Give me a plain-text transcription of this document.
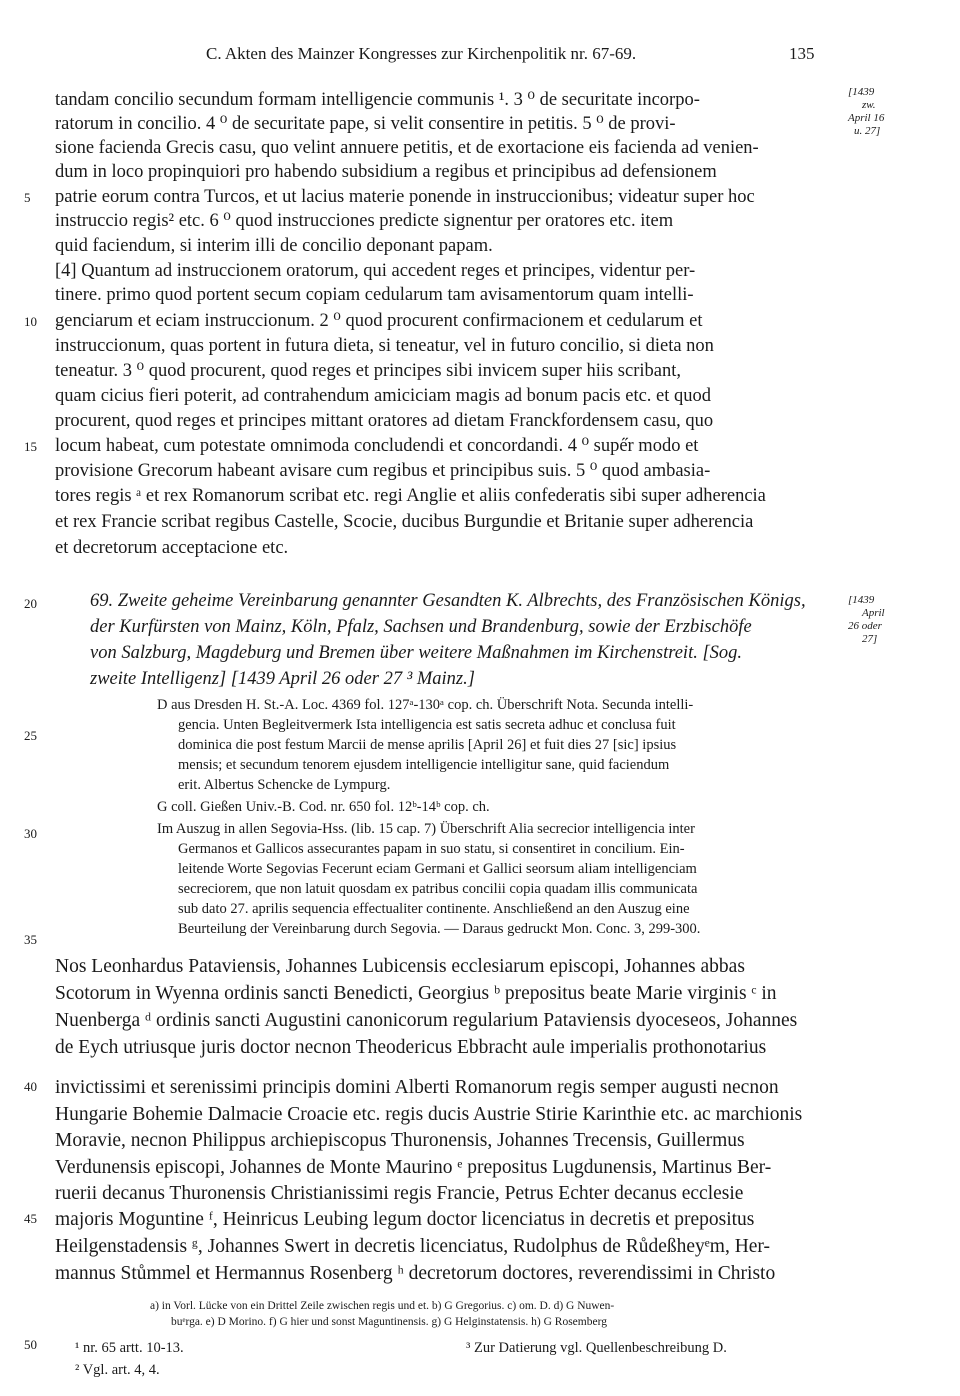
C. Akten des Mainzer Kongresses zur Kirchenpolitik nr. 67-69.	135
[1439
zw.
April 16
u. 27]
tandam concilio secundum formam intelligencie communis ¹. 3 ⁰ de securitate incorpo-
ratorum in concilio. 4 ⁰ de securitate pape, si velit consentire in petitis. 5 ⁰ de provi-
sione facienda Grecis casu, quo velint annuere petitis, et de exortacione eis facienda ad venien-
dum in loco propinquiori pro habendo subsidium a regibus et principibus ad defensionem
patrie eorum contra Turcos, et ut lacius materie ponende in instruccionibus; videatur super hoc
instruccio regis² etc. 6 ⁰ quod instrucciones predicte signentur per oratores etc. item
quid faciendum, si interim illi de concilio deponant papam.
[4] Quantum ad instruccionem oratorum, qui accedent reges et principes, videntur per-
tinere. primo quod portent secum copiam cedularum tam avisamentorum quam intelli-
genciarum et eciam instruccionum. 2 ⁰ quod procurent confirmacionem et cedularum et
instruccionum, quas portent in futura dieta, si teneatur, vel in futuro concilio, si dieta non
teneatur. 3 ⁰ quod procurent, quod reges et principes sibi invicem super hiis scribant,
quam cicius fieri poterit, ad contrahendum amiciciam magis ad bonum pacis etc. et quod
procurent, quod reges et principes mittant oratores ad dietam Franckfordensem casu, quo
locum habeat, cum potestate omnimoda concludendi et concordandi. 4 ⁰ supe̋r modo et
provisione Grecorum habeant avisare cum regibus et principibus suis. 5 ⁰ quod ambasia-
tores regis ᵃ et rex Romanorum scribat etc. regi Anglie et aliis confederatis sibi super adherencia
et rex Francie scribat regibus Castelle, Scocie, ducibus Burgundie et Britanie super adherencia
et decretorum acceptacione etc.
5
10
15
20
25
30
35
40
45
50
69. Zweite geheime Vereinbarung genannter Gesandten K. Albrechts, des Französischen Königs,
der Kurfürsten von Mainz, Köln, Pfalz, Sachsen und Brandenburg, sowie der Erzbischöfe
von Salzburg, Magdeburg und Bremen über weitere Maßnahmen im Kirchenstreit. [Sog.
zweite Intelligenz] [1439 April 26 oder 27 ³ Mainz.]
[1439
April
26 oder
27]
D aus Dresden H. St.-A. Loc. 4369 fol. 127ᵃ-130ᵃ cop. ch. Überschrift Nota. Secunda intelli-
gencia. Unten Begleitvermerk Ista intelligencia est satis secreta adhuc et conclusa fuit
dominica die post festum Marcii de mense aprilis [April 26] et fuit dies 27 [sic] ipsius
mensis; et secundum tenorem ejusdem intelligencie intelligitur sane, quid faciendum
erit. Albertus Schencke de Lympurg.
G coll. Gießen Univ.-B. Cod. nr. 650 fol. 12ᵇ-14ᵇ cop. ch.
Im Auszug in allen Segovia-Hss. (lib. 15 cap. 7) Überschrift Alia secrecior intelligencia inter
Germanos et Gallicos assecurantes papam in suo statu, si consentiret in concilium. Ein-
leitende Worte Segovias Fecerunt eciam Germani et Gallici seorsum aliam intelligenciam
secreciorem, que non latuit quosdam ex patribus concilii copia quadam illis communicata
sub dato 27. aprilis sequencia effectualiter continente. Anschließend an den Auszug eine
Beurteilung der Vereinbarung durch Segovia. — Daraus gedruckt Mon. Conc. 3, 299-300.
Nos Leonhardus Pataviensis, Johannes Lubicensis ecclesiarum episcopi, Johannes abbas
Scotorum in Wyenna ordinis sancti Benedicti, Georgius ᵇ prepositus beate Marie virginis ᶜ in
Nuenberga ᵈ ordinis sancti Augustini canonicorum regularium Pataviensis dyoceseos, Johannes
de Eych utriusque juris doctor necnon Theodericus Ebbracht aule imperialis prothonotarius
invictissimi et serenissimi principis domini Alberti Romanorum regis semper augusti necnon
Hungarie Bohemie Dalmacie Croacie etc. regis ducis Austrie Stirie Karinthie etc. ac marchionis
Moravie, necnon Philippus archiepiscopus Thuronensis, Johannes Trecensis, Guillermus
Verdunensis episcopi, Johannes de Monte Maurino ᵉ prepositus Lugdunensis, Martinus Ber-
ruerii decanus Thuronensis Christianissimi regis Francie, Petrus Echter decanus ecclesie
majoris Moguntine ᶠ, Heinricus Leubing legum doctor licenciatus in decretis et prepositus
Heilgenstadensis ᵍ, Johannes Swert in decretis licenciatus, Rudolphus de Růdeßheyᵉm, Her-
mannus Stůmmel et Hermannus Rosenberg ʰ decretorum doctores, reverendissimi in Christo
a) in Vorl. Lücke von ein Drittel Zeile zwischen regis und et. b) G Gregorius. c) om. D. d) G Nuwen-
buᵉrga. e) D Morino. f) G hier und sonst Maguntinensis. g) G Helginstatensis. h) G Rosemberg
¹ nr. 65 artt. 10-13.
² Vgl. art. 4, 4.
³ Zur Datierung vgl. Quellenbeschreibung D.
